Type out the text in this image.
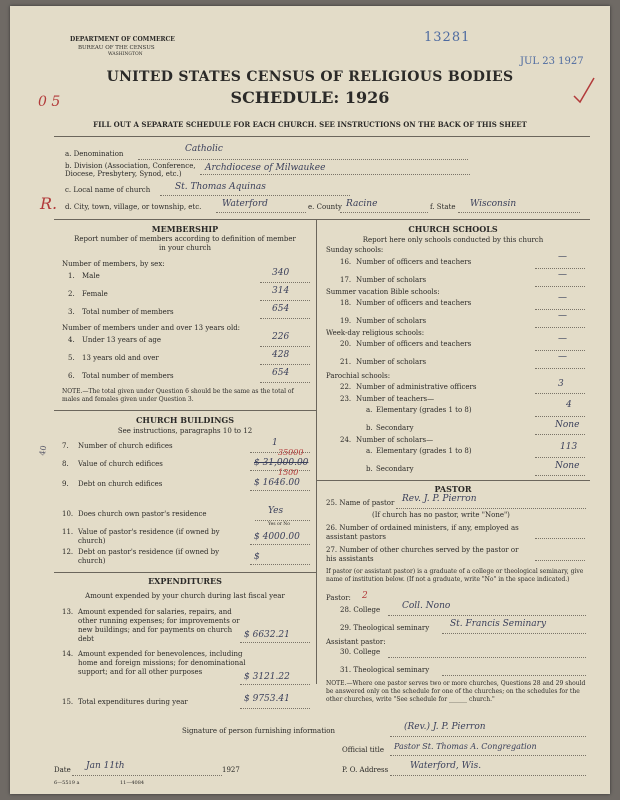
DEPARTMENT OF COMMERCE
BUREAU OF THE CENSUS
WASHINGTON
13281
JUL 23 1927
UNITED STATES CENSUS OF RELIGIOUS BODIES
SCHEDULE: 1926
0 5
FILL OUT A SEPARATE SCHEDULE FOR EACH CHURCH. SEE INSTRUCTIONS ON THE BACK OF THIS SHEET
a. Denomination	Catholic
b. Division (Association, Conference, Diocese, Presbytery, Synod, etc.)
Archdiocese of Milwaukee
c. Local name of church	St. Thomas Aquinas
R. d. City, town, village, or township, etc. Waterford	e. County Racine	f. State Wisconsin
MEMBERSHIP
Report number of members according to definition of member in your church
Number of members, by sex:
1. Male	340
2. Female	314
3. Total number of members	654
Number of members under and over 13 years old:
4. Under 13 years of age	226
5. 13 years old and over	428
6. Total number of members	654
NOTE.—The total given under Question 6 should be the same as the total of males and females given under Question 3.
CHURCH BUILDINGS
See instructions, paragraphs 10 to 12
40 7. Number of church edifices	1
8. Value of church edifices
35000
$ 31,000.00
9. Debt on church edifices
1500
$ 1646.00
10. Does church own pastor's residence	Yes
Yes or No
11. Value of pastor's residence (if owned by church)	$ 4000.00
12. Debt on pastor's residence (if owned by church)	$
EXPENDITURES
Amount expended by your church during last fiscal year
13. Amount expended for salaries, repairs, and other running expenses; for improvements or new buildings; and for payments on church debt	$ 6632.21
14. Amount expended for benevolences, including home and foreign missions; for denominational support; and for all other purposes	$ 3121.22
15. Total expenditures during year	$ 9753.41
CHURCH SCHOOLS
Report here only schools conducted by this church
Sunday schools:
16. Number of officers and teachers	—
17. Number of scholars	—
Summer vacation Bible schools:
18. Number of officers and teachers	—
19. Number of scholars	—
Week-day religious schools:
20. Number of officers and teachers	—
21. Number of scholars	—
Parochial schools:
22. Number of administrative officers	3
23. Number of teachers—
a. Elementary (grades 1 to 8)	4
b. Secondary	None
24. Number of scholars—
a. Elementary (grades 1 to 8)	113
b. Secondary	None
PASTOR
25. Name of pastor Rev. J. P. Pierron
(If church has no pastor, write "None")
26. Number of ordained ministers, if any, employed as assistant pastors
27. Number of other churches served by the pastor or his assistants
If pastor (or assistant pastor) is a graduate of a college or theological seminary, give name of institution below. (If not a graduate, write "No" in the space indicated.)
Pastor: 2
28. College Coll. Nono
29. Theological seminary St. Francis Seminary
Assistant pastor:
30. College
31. Theological seminary
NOTE.—Where one pastor serves two or more churches, Questions 28 and 29 should be answered only on the schedule for one of the churches; on the schedules for the other churches, write "See schedule for ______ church."
Signature of person furnishing information	(Rev.) J. P. Pierron
Official title Pastor St. Thomas A. Congregation
Date Jan 11th	1927	P. O. Address Waterford, Wis.
6—5519 a	11—4084
